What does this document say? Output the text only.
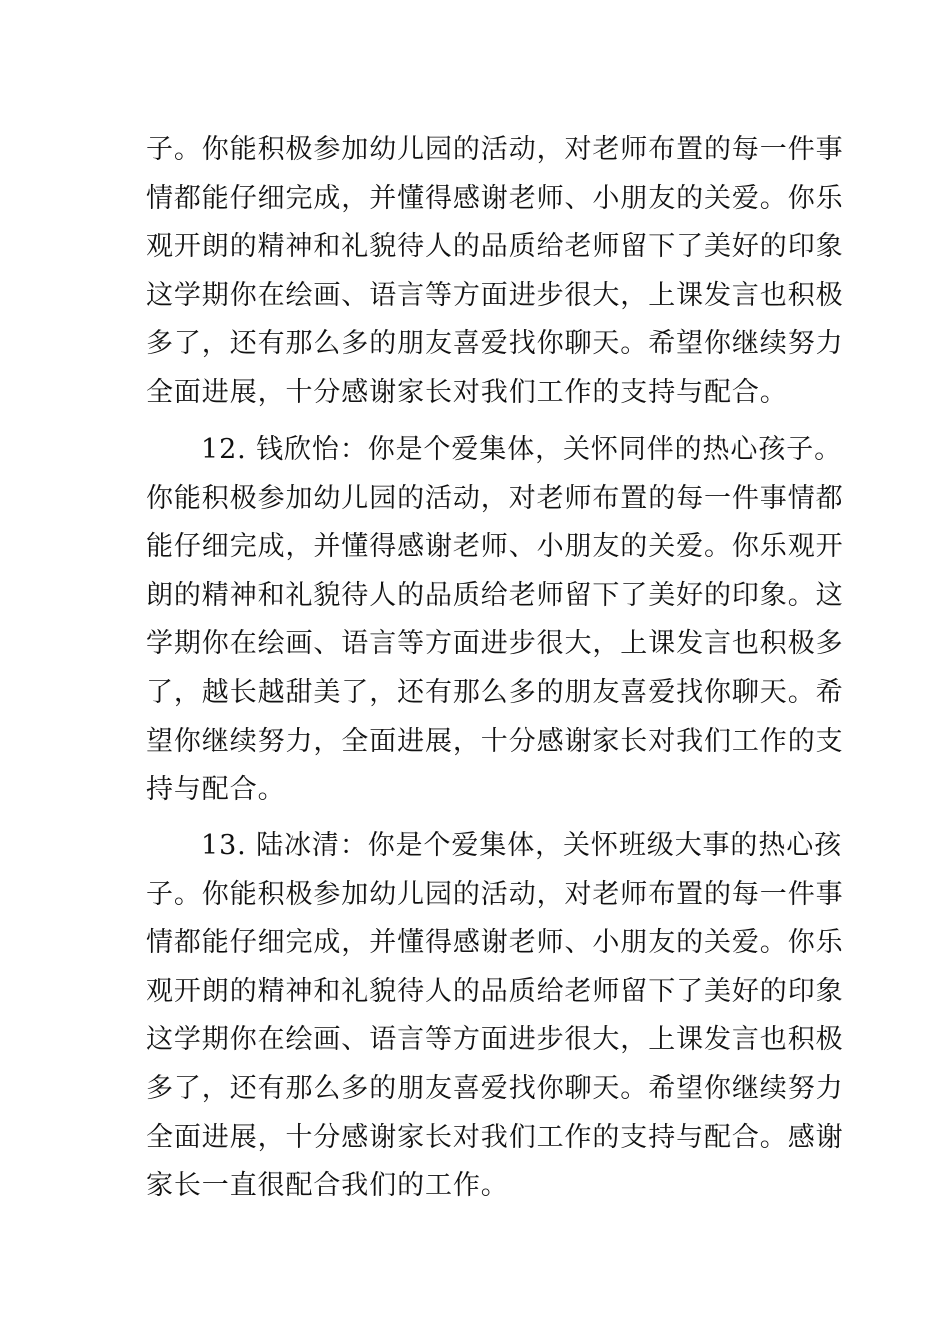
子。你能积极参加幼儿园的活动，对老师布置的每一件事
情都能仔细完成，并懂得感谢老师、小朋友的关爱。你乐
观开朗的精神和礼貌待人的品质给老师留下了美好的印象
这学期你在绘画、语言等方面进步很大，上课发言也积极
多了，还有那么多的朋友喜爱找你聊天。希望你继续努力
全面进展，十分感谢家长对我们工作的支持与配合。
12. 钱欣怡：你是个爱集体，关怀同伴的热心孩子。
你能积极参加幼儿园的活动，对老师布置的每一件事情都
能仔细完成，并懂得感谢老师、小朋友的关爱。你乐观开
朗的精神和礼貌待人的品质给老师留下了美好的印象。这
学期你在绘画、语言等方面进步很大，上课发言也积极多
了，越长越甜美了，还有那么多的朋友喜爱找你聊天。希
望你继续努力，全面进展，十分感谢家长对我们工作的支
持与配合。
13. 陆冰清：你是个爱集体，关怀班级大事的热心孩
子。你能积极参加幼儿园的活动，对老师布置的每一件事
情都能仔细完成，并懂得感谢老师、小朋友的关爱。你乐
观开朗的精神和礼貌待人的品质给老师留下了美好的印象
这学期你在绘画、语言等方面进步很大，上课发言也积极
多了，还有那么多的朋友喜爱找你聊天。希望你继续努力
全面进展，十分感谢家长对我们工作的支持与配合。感谢
家长一直很配合我们的工作。
